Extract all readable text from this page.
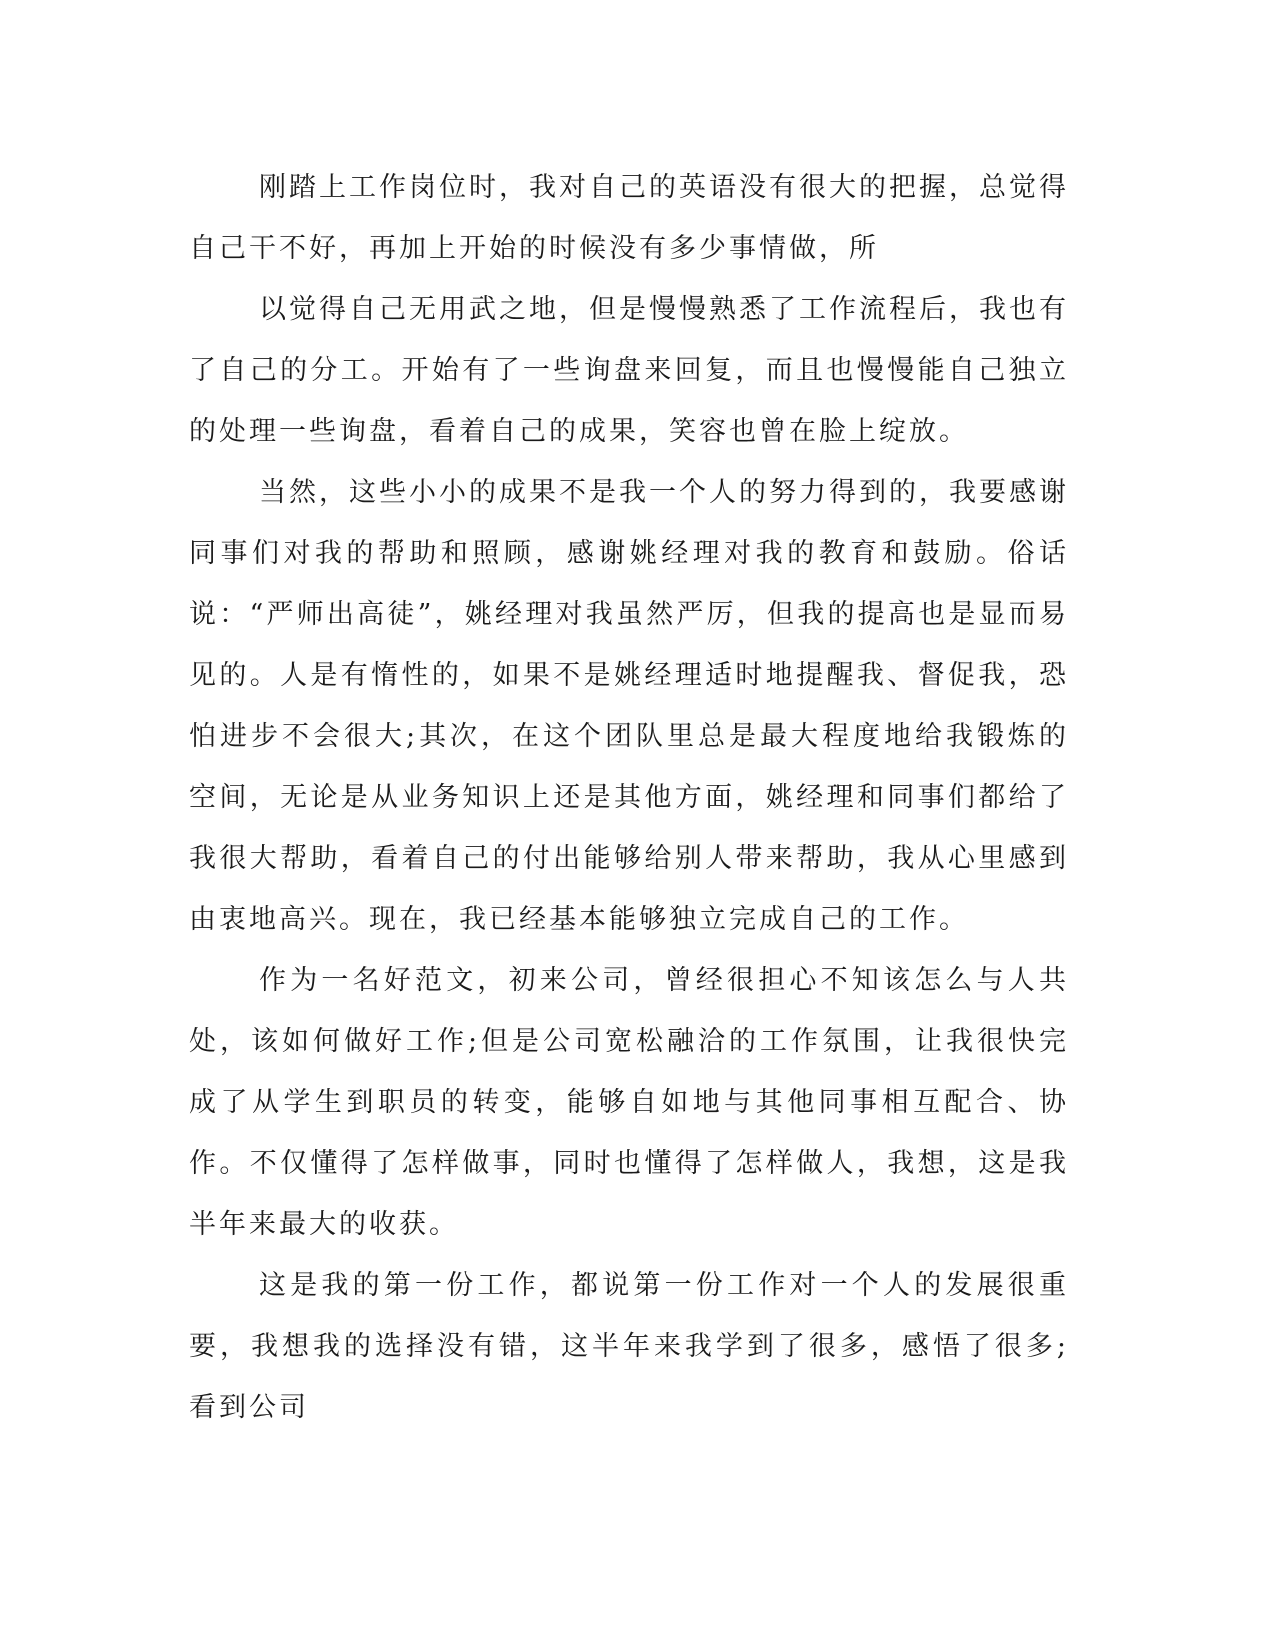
刚踏上工作岗位时，我对自己的英语没有很大的把握，总觉得自己干不好，再加上开始的时候没有多少事情做，所

以觉得自己无用武之地，但是慢慢熟悉了工作流程后，我也有了自己的分工。开始有了一些询盘来回复，而且也慢慢能自己独立的处理一些询盘，看着自己的成果，笑容也曾在脸上绽放。

当然，这些小小的成果不是我一个人的努力得到的，我要感谢同事们对我的帮助和照顾，感谢姚经理对我的教育和鼓励。俗话说：“严师出高徒”，姚经理对我虽然严厉，但我的提高也是显而易见的。人是有惰性的，如果不是姚经理适时地提醒我、督促我，恐怕进步不会很大;其次，在这个团队里总是最大程度地给我锻炼的空间，无论是从业务知识上还是其他方面，姚经理和同事们都给了我很大帮助，看着自己的付出能够给别人带来帮助，我从心里感到由衷地高兴。现在，我已经基本能够独立完成自己的工作。

作为一名好范文，初来公司，曾经很担心不知该怎么与人共处，该如何做好工作;但是公司宽松融洽的工作氛围，让我很快完成了从学生到职员的转变，能够自如地与其他同事相互配合、协作。不仅懂得了怎样做事，同时也懂得了怎样做人，我想，这是我半年来最大的收获。

这是我的第一份工作，都说第一份工作对一个人的发展很重要，我想我的选择没有错，这半年来我学到了很多，感悟了很多;看到公司
